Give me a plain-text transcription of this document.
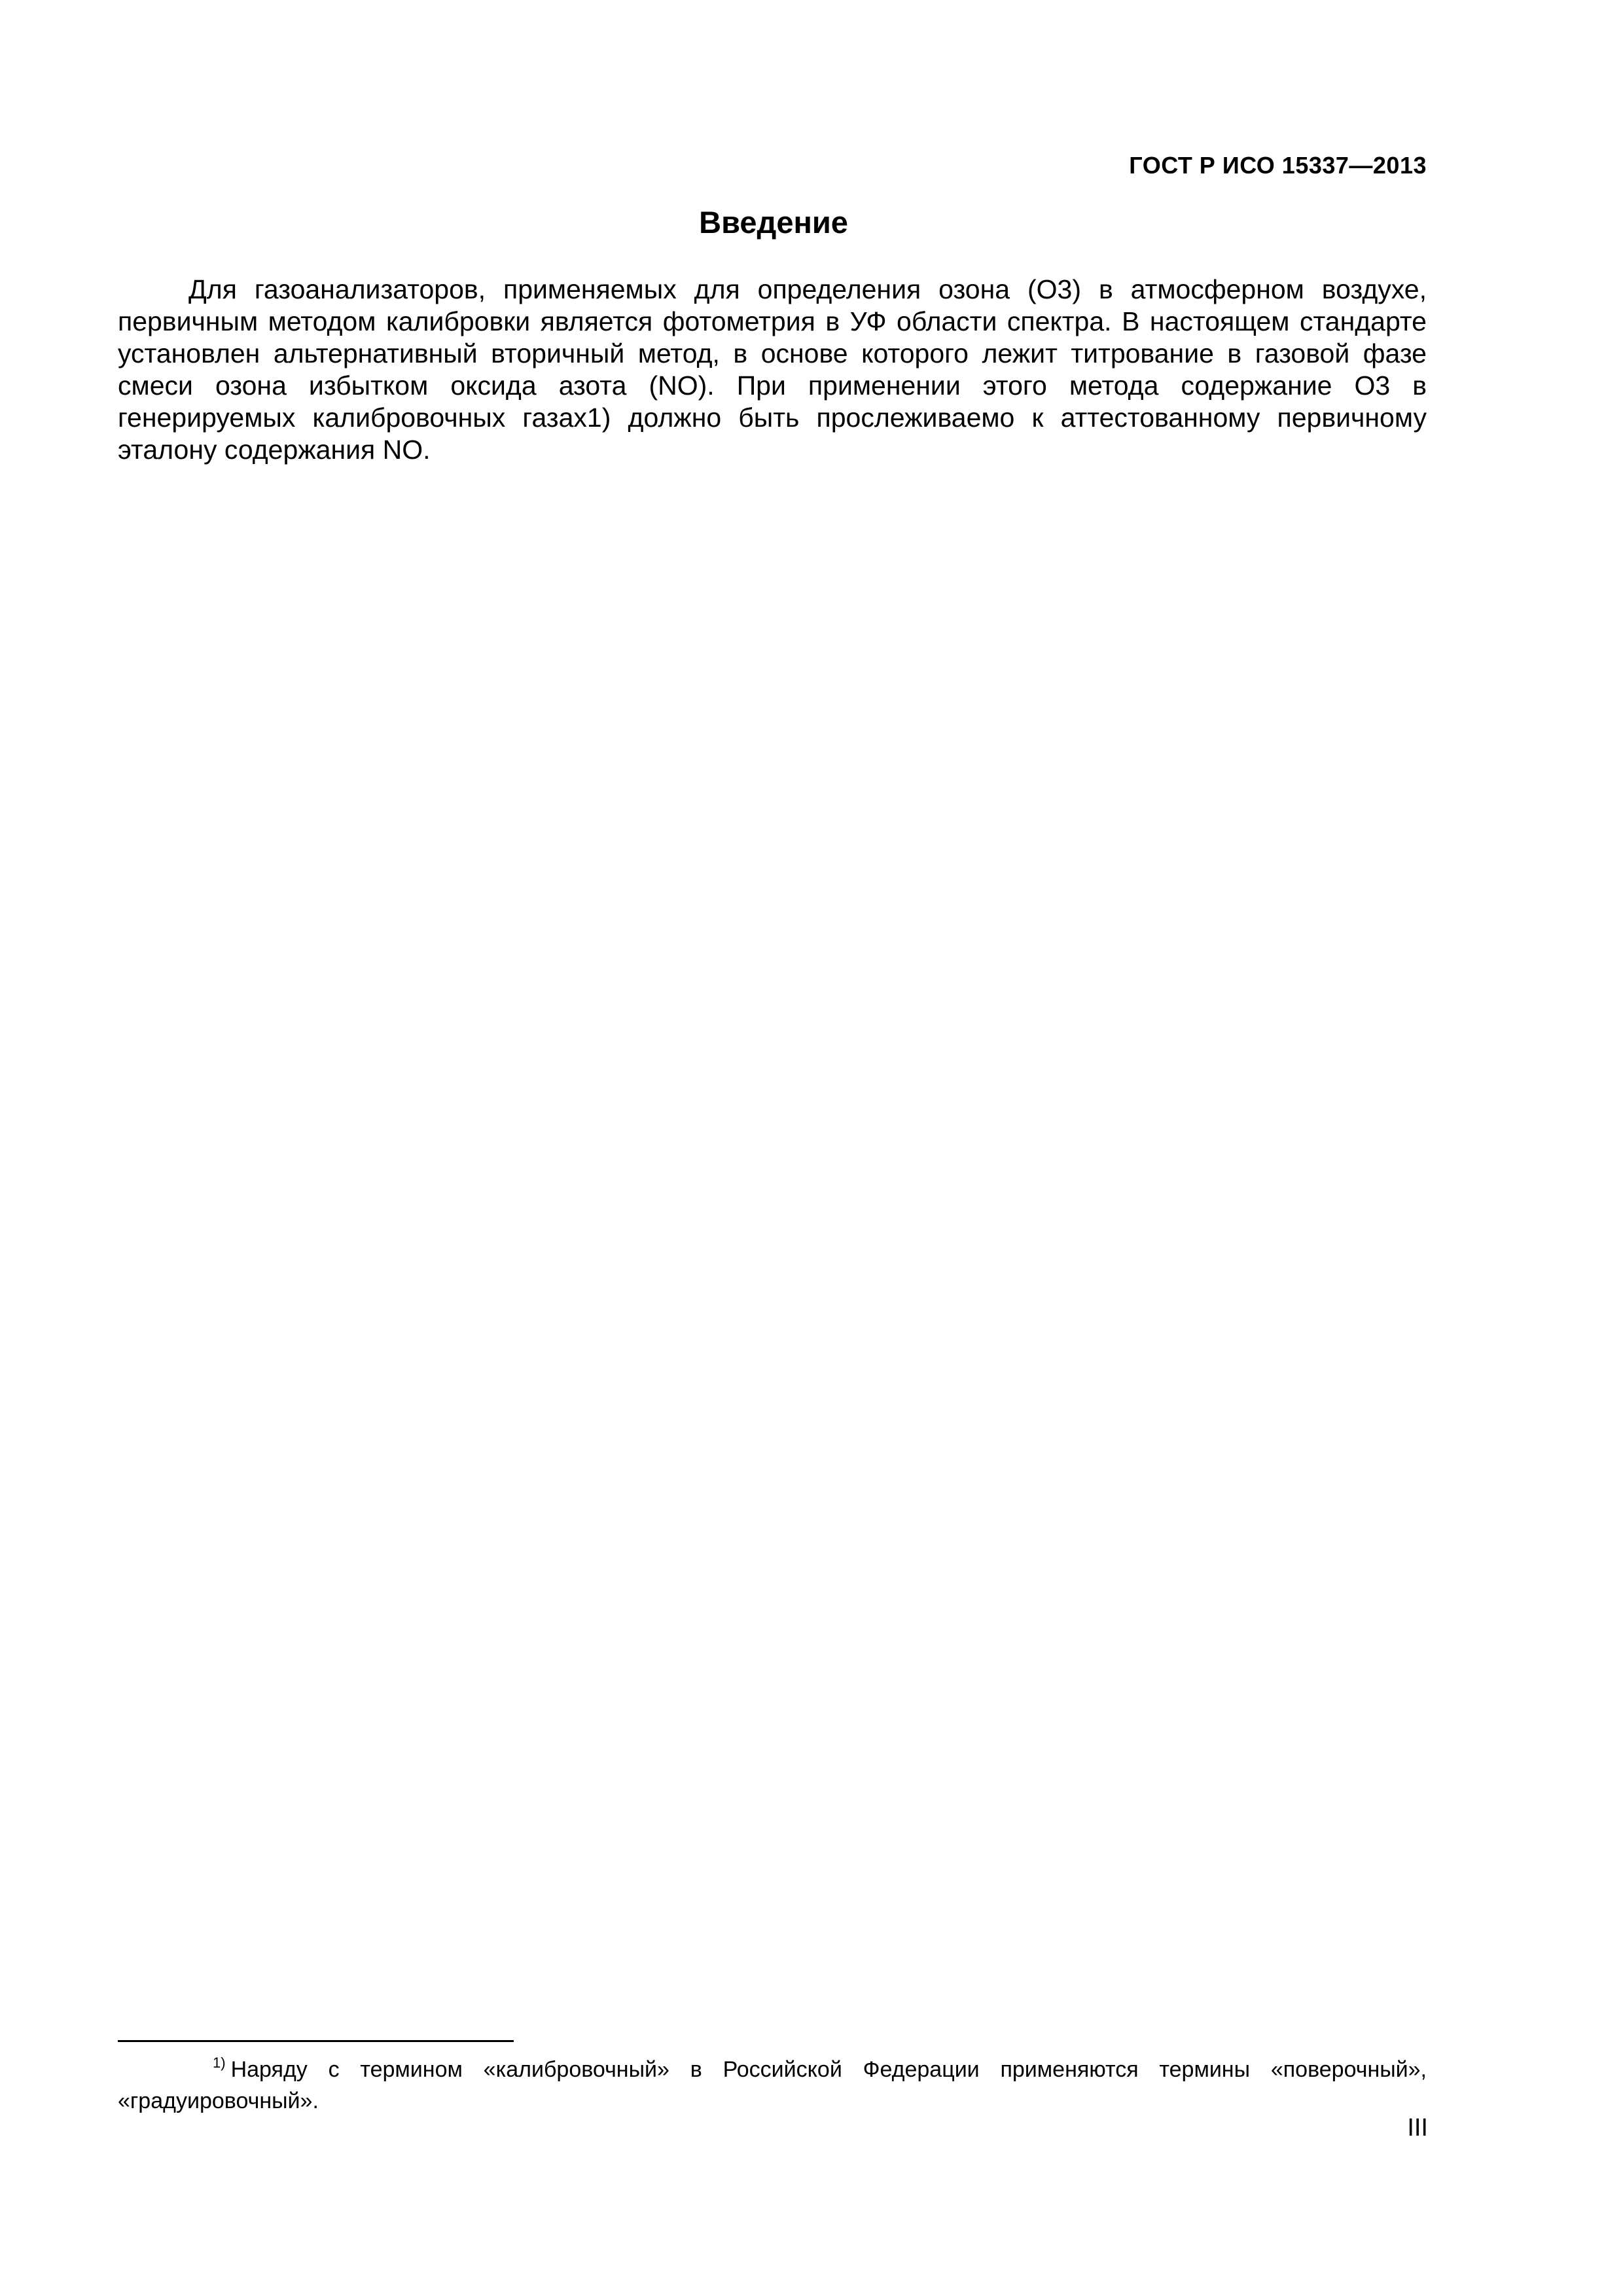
ГОСТ Р ИСО 15337—2013
Введение

Для газоанализаторов, применяемых для определения озона (О3) в атмосферном воздухе, первичным методом калибровки является фотометрия в УФ области спектра. В настоящем стандарте установлен альтернативный вторичный метод, в основе которого лежит титрование в газовой фазе смеси озона избытком оксида азота (NO). При применении этого метода содержание О3 в генерируемых калибровочных газах1) должно быть прослеживаемо к аттестованному первичному эталону содержания NO.

$^{1)}$ Наряду с термином «калибровочный» в Российской Федерации применяются термины «поверочный», «градуировочный».

III
